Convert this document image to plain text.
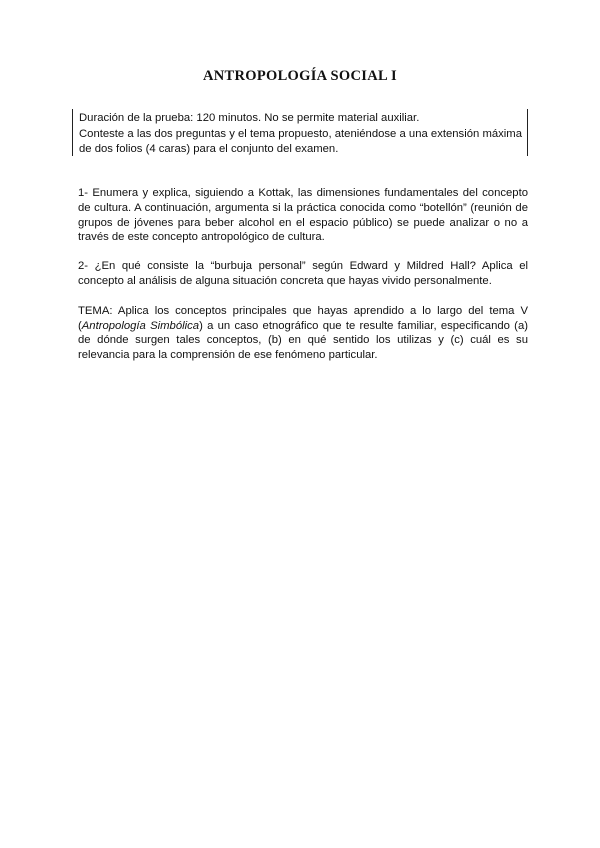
ANTROPOLOGÍA SOCIAL I

Duración de la prueba: 120 minutos. No se permite material auxiliar.

Conteste a las dos preguntas y el tema propuesto, ateniéndose a una extensión máxima de dos folios (4 caras) para el conjunto del examen.

1- Enumera y explica, siguiendo a Kottak, las dimensiones fundamentales del concepto de cultura. A continuación, argumenta si la práctica conocida como “botellón” (reunión de grupos de jóvenes para beber alcohol en el espacio público) se puede analizar o no a través de este concepto antropológico de cultura.

2- ¿En qué consiste la “burbuja personal” según Edward y Mildred Hall? Aplica el concepto al análisis de alguna situación concreta que hayas vivido personalmente.

TEMA: Aplica los conceptos principales que hayas aprendido a lo largo del tema V (Antropología Simbólica) a un caso etnográfico que te resulte familiar, especificando (a) de dónde surgen tales conceptos, (b) en qué sentido los utilizas y (c) cuál es su relevancia para la comprensión de ese fenómeno particular.
